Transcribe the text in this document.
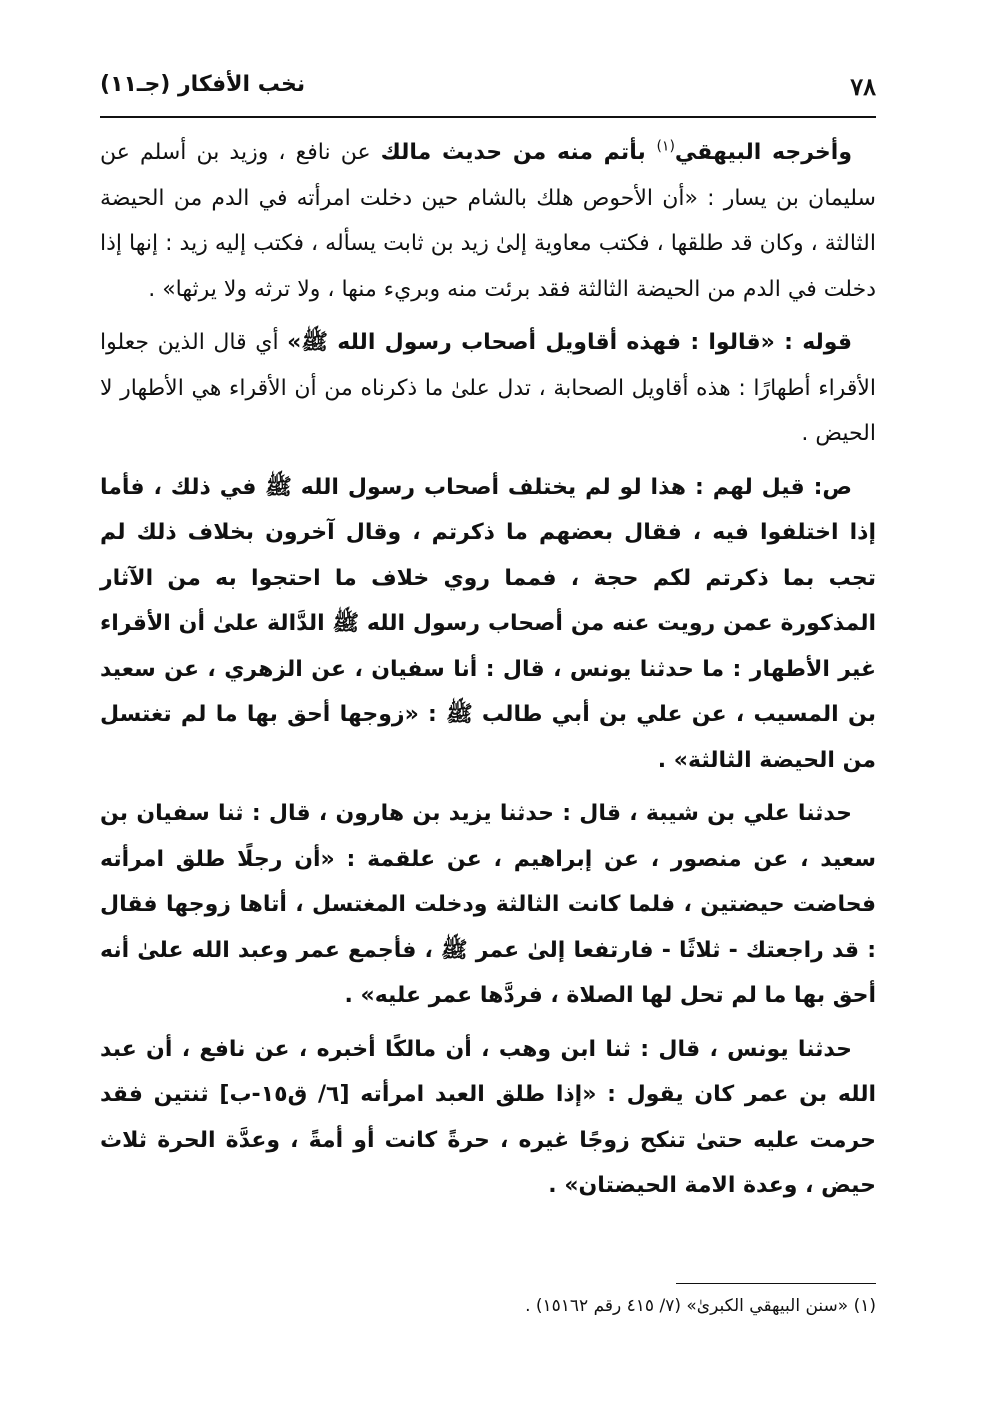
٧٨
نخب الأفكار (جـ١١)

وأخرجه البيهقي$^{(١)}$ بأتم منه من حديث مالك عن نافع ، وزيد بن أسلم عن سليمان بن يسار : «أن الأحوص هلك بالشام حين دخلت امرأته في الدم من الحيضة الثالثة ، وكان قد طلقها ، فكتب معاوية إلىٰ زيد بن ثابت يسأله ، فكتب إليه زيد : إنها إذا دخلت في الدم من الحيضة الثالثة فقد برئت منه وبريء منها ، ولا ترثه ولا يرثها» .

قوله : «قالوا : فهذه أقاويل أصحاب رسول الله ﷺ» أي قال الذين جعلوا الأقراء أطهارًا : هذه أقاويل الصحابة ، تدل علىٰ ما ذكرناه من أن الأقراء هي الأطهار لا الحيض .

ص: قيل لهم : هذا لو لم يختلف أصحاب رسول الله ﷺ في ذلك ، فأما إذا اختلفوا فيه ، فقال بعضهم ما ذكرتم ، وقال آخرون بخلاف ذلك لم تجب بما ذكرتم لكم حجة ، فمما روي خلاف ما احتجوا به من الآثار المذكورة عمن رويت عنه من أصحاب رسول الله ﷺ الدَّالة علىٰ أن الأقراء غير الأطهار : ما حدثنا يونس ، قال : أنا سفيان ، عن الزهري ، عن سعيد بن المسيب ، عن علي بن أبي طالب ﷺ : «زوجها أحق بها ما لم تغتسل من الحيضة الثالثة» .

حدثنا علي بن شيبة ، قال : حدثنا يزيد بن هارون ، قال : ثنا سفيان بن سعيد ، عن منصور ، عن إبراهيم ، عن علقمة : «أن رجلًا طلق امرأته فحاضت حيضتين ، فلما كانت الثالثة ودخلت المغتسل ، أتاها زوجها فقال : قد راجعتك - ثلاثًا - فارتفعا إلىٰ عمر ﷺ ، فأجمع عمر وعبد الله علىٰ أنه أحق بها ما لم تحل لها الصلاة ، فردَّها عمر عليه» .

حدثنا يونس ، قال : ثنا ابن وهب ، أن مالكًا أخبره ، عن نافع ، أن عبد الله بن عمر كان يقول : «إذا طلق العبد امرأته [٦/ ق١٥-ب] ثنتين فقد حرمت عليه حتىٰ تنكح زوجًا غيره ، حرةً كانت أو أمةً ، وعدَّة الحرة ثلاث حيض ، وعدة الامة الحيضتان» .

(١) «سنن البيهقي الكبرىٰ» (٧/ ٤١٥ رقم ١٥١٦٢) .
